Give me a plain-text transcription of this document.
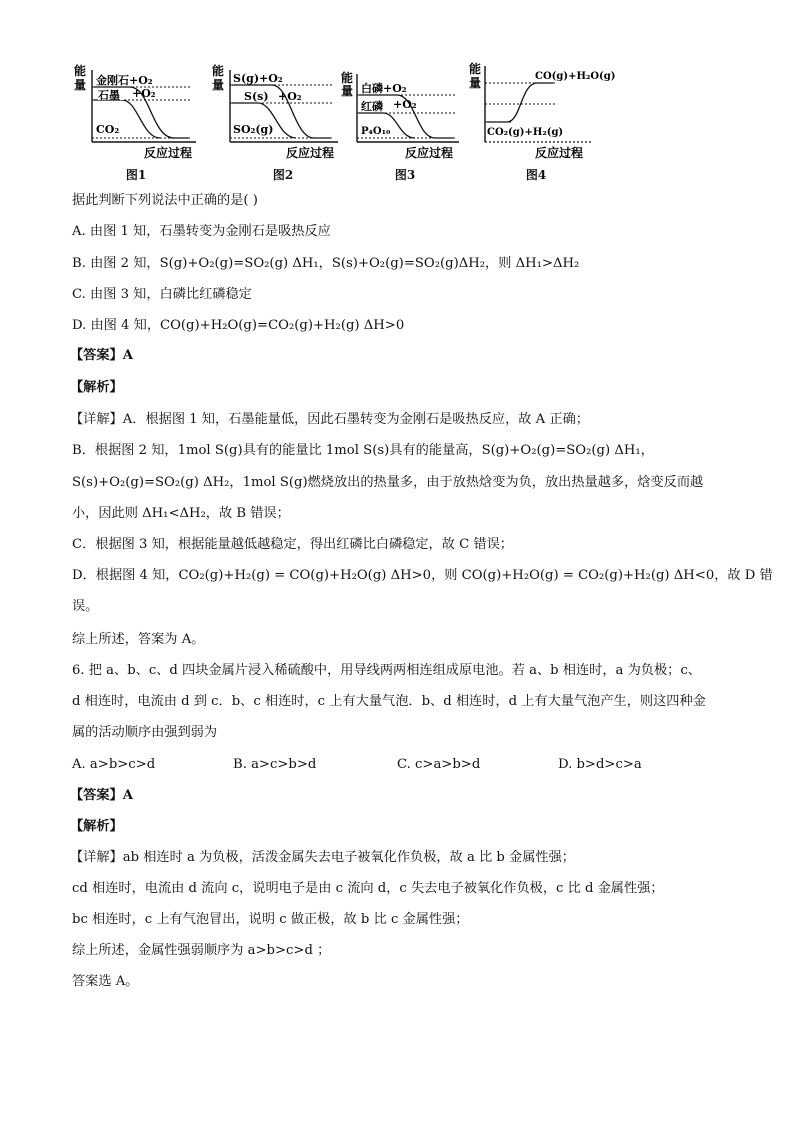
能
量 金刚石+O₂
石墨 +O₂
CO₂
反应过程
图1
能
量 S(g)+O₂
S(s) +O₂
SO₂(g)
反应过程
图2
能
量 白磷+O₂
红磷 +O₂
P₄O₁₀
反应过程
图3
能
量	CO(g)+H₂O(g)
CO₂(g)+H₂(g)
反应过程
图4
据此判断下列说法中正确的是( )
A. 由图 1 知，石墨转变为金刚石是吸热反应
B. 由图 2 知，S(g)+O₂(g)=SO₂(g) ΔH₁，S(s)+O₂(g)=SO₂(g)ΔH₂，则 ΔH₁>ΔH₂
C. 由图 3 知，白磷比红磷稳定
D. 由图 4 知，CO(g)+H₂O(g)=CO₂(g)+H₂(g) ΔH>0
【答案】A
【解析】
【详解】A．根据图 1 知，石墨能量低，因此石墨转变为金刚石是吸热反应，故 A 正确；
B．根据图 2 知，1mol S(g)具有的能量比 1mol S(s)具有的能量高，S(g)+O₂(g)=SO₂(g) ΔH₁，
S(s)+O₂(g)=SO₂(g) ΔH₂，1mol S(g)燃烧放出的热量多，由于放热焓变为负，放出热量越多，焓变反而越
小，因此则 ΔH₁<ΔH₂，故 B 错误；
C．根据图 3 知，根据能量越低越稳定，得出红磷比白磷稳定，故 C 错误；
D．根据图 4 知，CO₂(g)+H₂(g) = CO(g)+H₂O(g) ΔH>0，则 CO(g)+H₂O(g) = CO₂(g)+H₂(g) ΔH<0，故 D 错
误。
综上所述，答案为 A。
6. 把 a、b、c、d 四块金属片浸入稀硫酸中，用导线两两相连组成原电池。若 a、b 相连时，a 为负极；c、
d 相连时，电流由 d 到 c．b、c 相连时，c 上有大量气泡．b、d 相连时，d 上有大量气泡产生，则这四种金
属的活动顺序由强到弱为
A. a>b>c>d	B. a>c>b>d	C. c>a>b>d	D. b>d>c>a
【答案】A
【解析】
【详解】ab 相连时 a 为负极，活泼金属失去电子被氧化作负极，故 a 比 b 金属性强；
cd 相连时，电流由 d 流向 c，说明电子是由 c 流向 d，c 失去电子被氧化作负极，c 比 d 金属性强；
bc 相连时，c 上有气泡冒出，说明 c 做正极，故 b 比 c 金属性强；
综上所述，金属性强弱顺序为 a>b>c>d ；
答案选 A。
